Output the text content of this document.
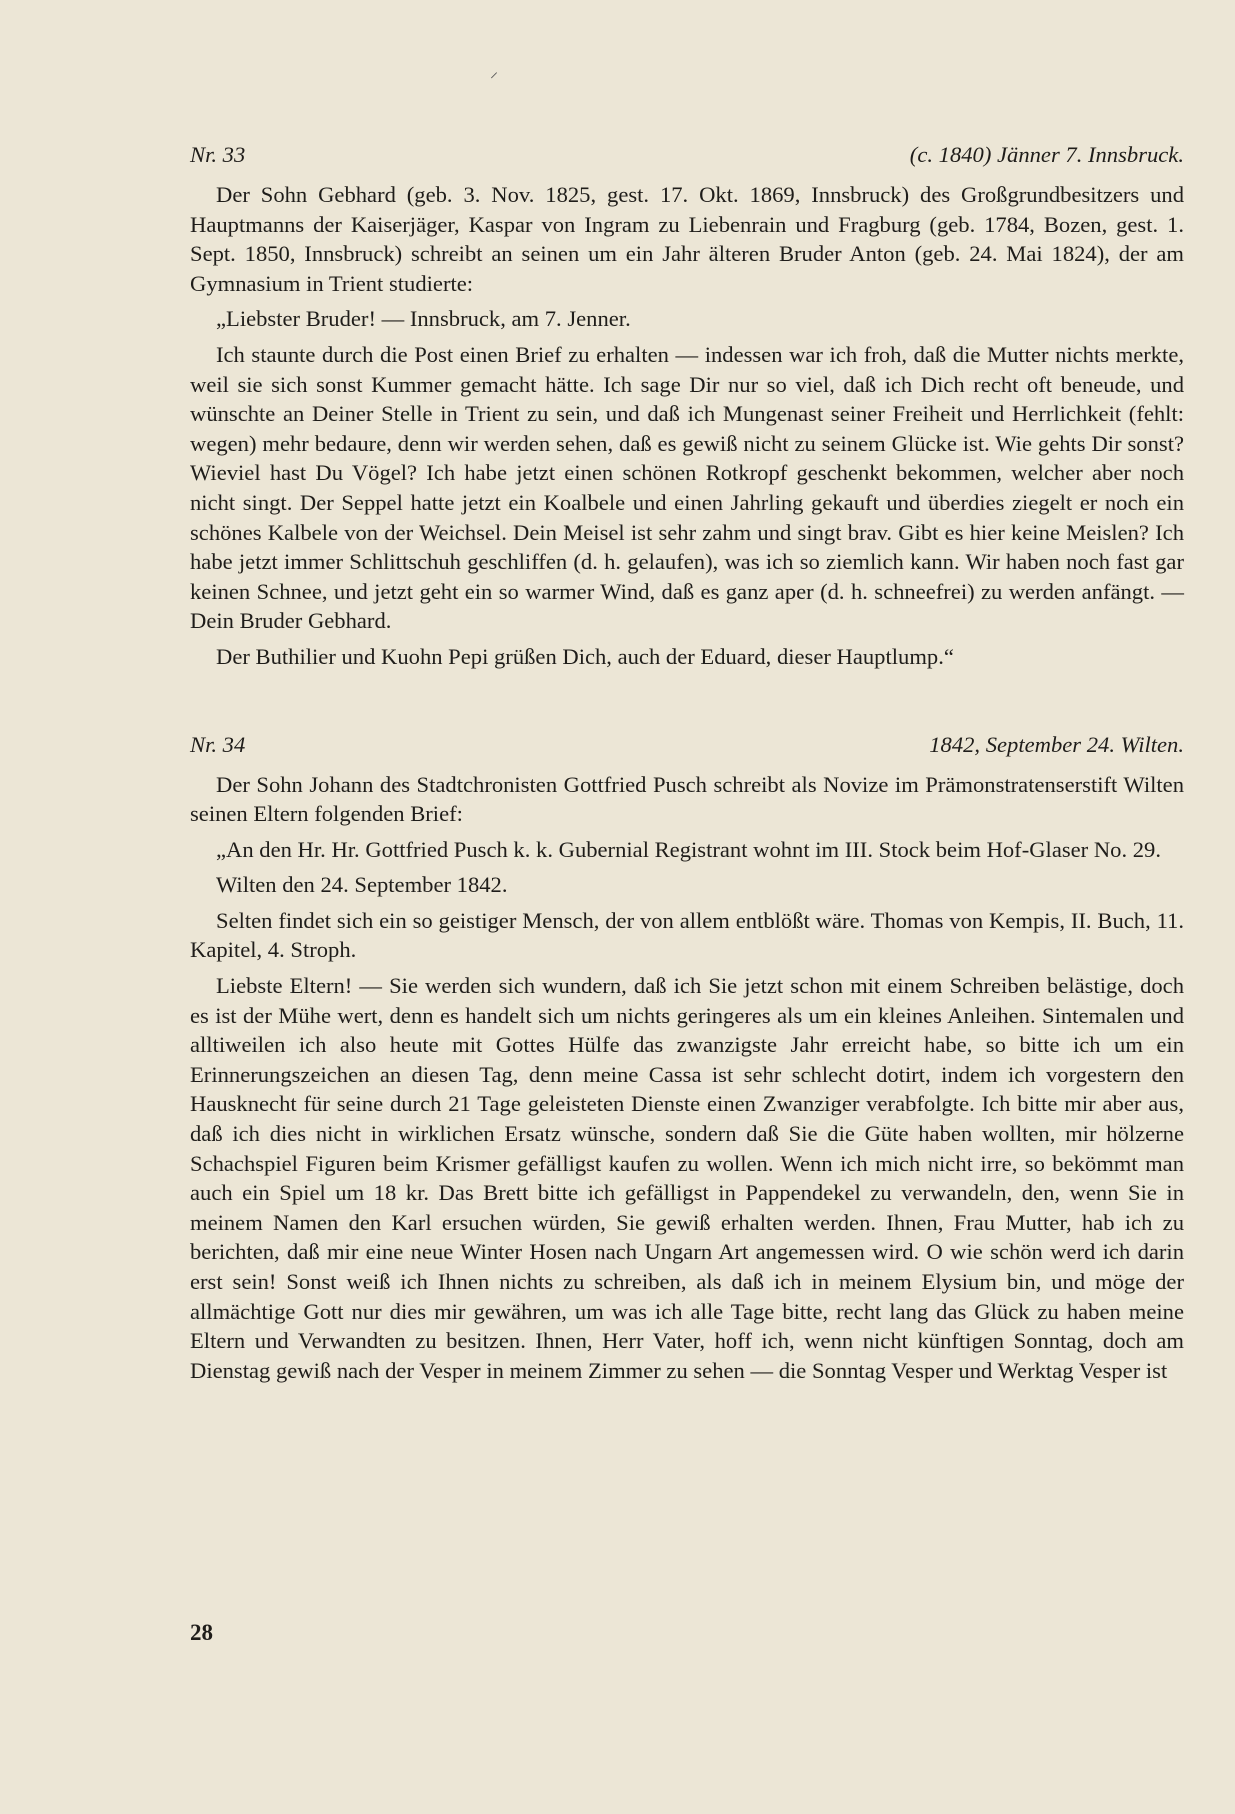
⸝
Nr. 33	(c. 1840) Jänner 7. Innsbruck.

Der Sohn Gebhard (geb. 3. Nov. 1825, gest. 17. Okt. 1869, Innsbruck) des Großgrundbesitzers und Hauptmanns der Kaiserjäger, Kaspar von Ingram zu Liebenrain und Fragburg (geb. 1784, Bozen, gest. 1. Sept. 1850, Innsbruck) schreibt an seinen um ein Jahr älteren Bruder Anton (geb. 24. Mai 1824), der am Gymnasium in Trient studierte:

„Liebster Bruder! — Innsbruck, am 7. Jenner.

Ich staunte durch die Post einen Brief zu erhalten — indessen war ich froh, daß die Mutter nichts merkte, weil sie sich sonst Kummer gemacht hätte. Ich sage Dir nur so viel, daß ich Dich recht oft beneude, und wünschte an Deiner Stelle in Trient zu sein, und daß ich Mungenast seiner Freiheit und Herrlichkeit (fehlt: wegen) mehr bedaure, denn wir werden sehen, daß es gewiß nicht zu seinem Glücke ist. Wie gehts Dir sonst? Wieviel hast Du Vögel? Ich habe jetzt einen schönen Rotkropf geschenkt bekommen, welcher aber noch nicht singt. Der Seppel hatte jetzt ein Koalbele und einen Jahrling gekauft und überdies ziegelt er noch ein schönes Kalbele von der Weichsel. Dein Meisel ist sehr zahm und singt brav. Gibt es hier keine Meislen? Ich habe jetzt immer Schlittschuh geschliffen (d. h. gelaufen), was ich so ziemlich kann. Wir haben noch fast gar keinen Schnee, und jetzt geht ein so warmer Wind, daß es ganz aper (d. h. schneefrei) zu werden anfängt. — Dein Bruder Gebhard.

Der Buthilier und Kuohn Pepi grüßen Dich, auch der Eduard, dieser Hauptlump.“

Nr. 34	1842, September 24. Wilten.

Der Sohn Johann des Stadtchronisten Gottfried Pusch schreibt als Novize im Prämonstratenserstift Wilten seinen Eltern folgenden Brief:

„An den Hr. Hr. Gottfried Pusch k. k. Gubernial Registrant wohnt im III. Stock beim Hof-Glaser No. 29.

Wilten den 24. September 1842.

Selten findet sich ein so geistiger Mensch, der von allem entblößt wäre. Thomas von Kempis, II. Buch, 11. Kapitel, 4. Stroph.

Liebste Eltern! — Sie werden sich wundern, daß ich Sie jetzt schon mit einem Schreiben belästige, doch es ist der Mühe wert, denn es handelt sich um nichts geringeres als um ein kleines Anleihen. Sintemalen und alltiweilen ich also heute mit Gottes Hülfe das zwanzigste Jahr erreicht habe, so bitte ich um ein Erinnerungszeichen an diesen Tag, denn meine Cassa ist sehr schlecht dotirt, indem ich vorgestern den Hausknecht für seine durch 21 Tage geleisteten Dienste einen Zwanziger verabfolgte. Ich bitte mir aber aus, daß ich dies nicht in wirklichen Ersatz wünsche, sondern daß Sie die Güte haben wollten, mir hölzerne Schachspiel Figuren beim Krismer gefälligst kaufen zu wollen. Wenn ich mich nicht irre, so bekömmt man auch ein Spiel um 18 kr. Das Brett bitte ich gefälligst in Pappendekel zu verwandeln, den, wenn Sie in meinem Namen den Karl ersuchen würden, Sie gewiß erhalten werden. Ihnen, Frau Mutter, hab ich zu berichten, daß mir eine neue Winter Hosen nach Ungarn Art angemessen wird. O wie schön werd ich darin erst sein! Sonst weiß ich Ihnen nichts zu schreiben, als daß ich in meinem Elysium bin, und möge der allmächtige Gott nur dies mir gewähren, um was ich alle Tage bitte, recht lang das Glück zu haben meine Eltern und Verwandten zu besitzen. Ihnen, Herr Vater, hoff ich, wenn nicht künftigen Sonntag, doch am Dienstag gewiß nach der Vesper in meinem Zimmer zu sehen — die Sonntag Vesper und Werktag Vesper ist

28
